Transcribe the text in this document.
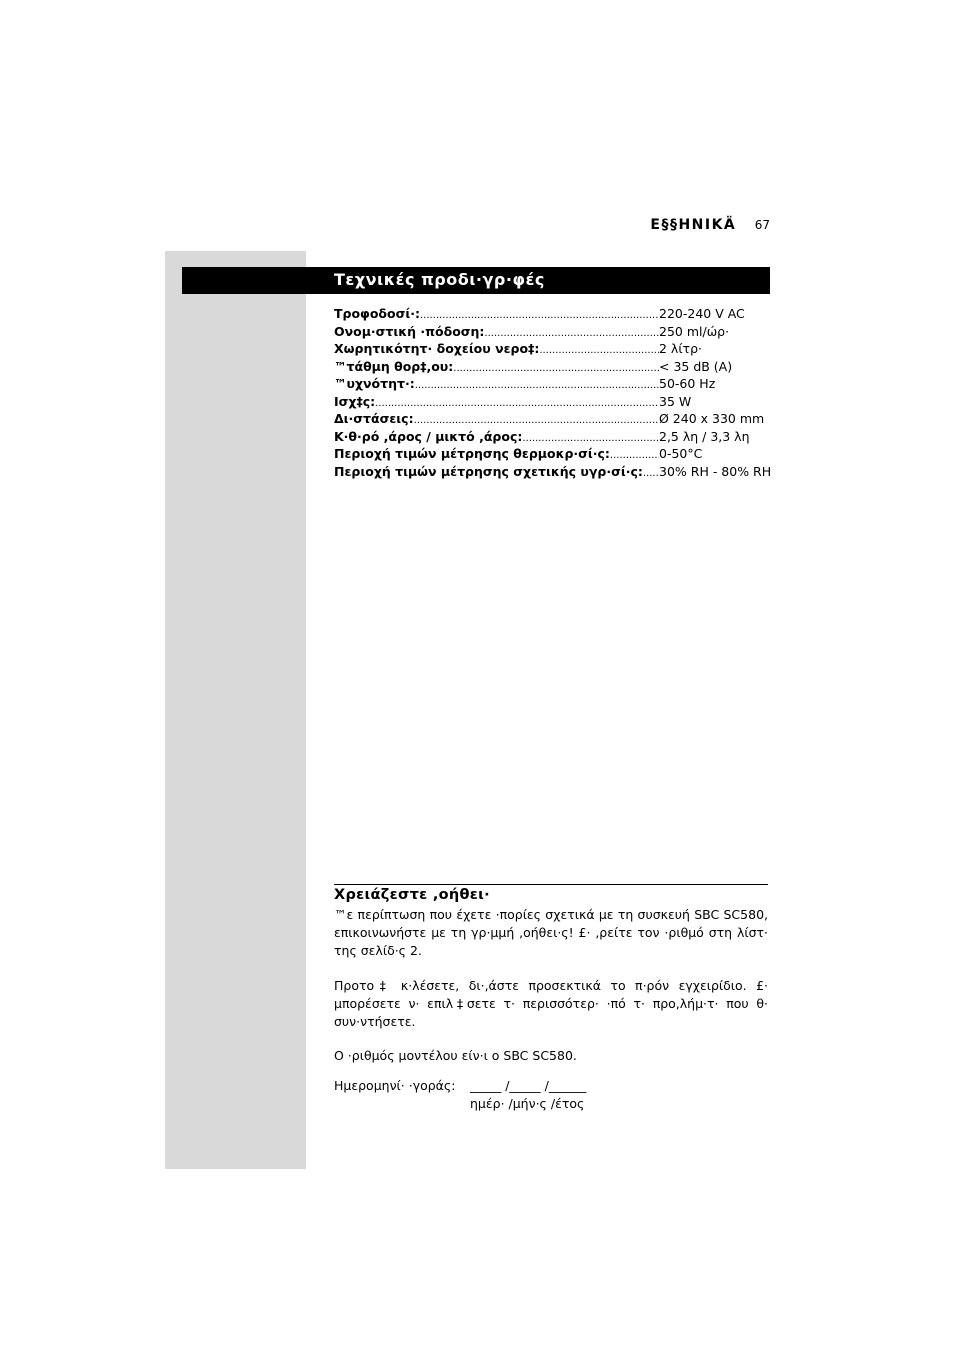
E§§HNIKÄ 67
Τεχνικές προδι·γρ·φές
Τροφοδοσί·: .....	220-240 V AC
Ονομ·στική ·πόδοση: .....	250 ml/ώρ·
Χωρητικότητ· δοχείου νερο‡: .....	2 λίτρ·
™τάθμη θορ‡,ου: .....	< 35 dB (A)
™υχνότητ·: .....	50-60 Hz
Ισχ‡ς: .....	35 W
Δι·στάσεις: .....	Ø 240 x 330 mm
Κ·θ·ρό ,άρος / μικτό ,άρος: .....	2,5 λη / 3,3 λη
Περιοχή τιμών μέτρησης θερμοκρ·σί·ς: .....	0-50°C
Περιοχή τιμών μέτρησης σχετικής υγρ·σί·ς: ..... 30% RH - 80% RH
Χρειάζεστε ,οήθει·
™ε περίπτωση που έχετε ·πορίες σχετικά με τη συσκευή SBC SC580, επικοινωνήστε με τη γρ·μμή ,οήθει·ς! £· ,ρείτε τον ·ριθμό στη λίστ· της σελίδ·ς 2.
Προτο‡ κ·λέσετε, δι·,άστε προσεκτικά το π·ρόν εγχειρίδιο. £· μπορέσετε ν· επιλ‡σετε τ· περισσότερ· ·πό τ· προ,λήμ·τ· που θ· συν·ντήσετε.
Ο ·ριθμός μοντέλου είν·ι ο SBC SC580.
Ημερομηνί· ·γοράς: _____ /_____ /______
ημέρ· /μήν·ς /έτος
